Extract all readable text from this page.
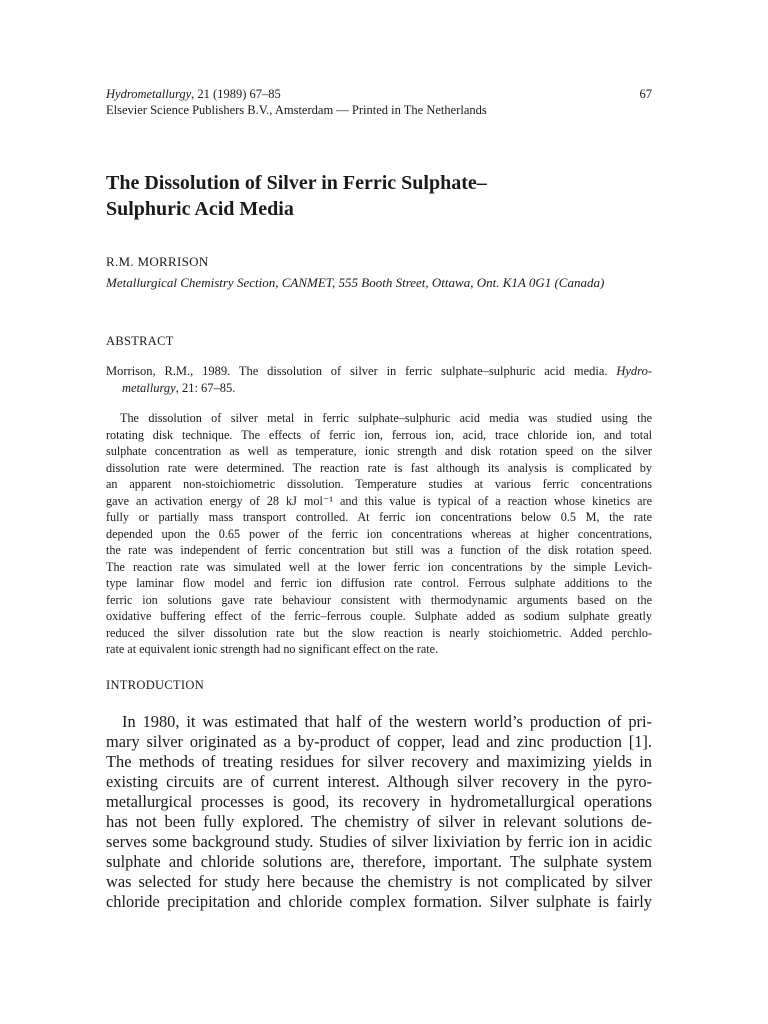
Hydrometallurgy, 21 (1989) 67–85
Elsevier Science Publishers B.V., Amsterdam — Printed in The Netherlands
67
The Dissolution of Silver in Ferric Sulphate–
Sulphuric Acid Media
R.M. MORRISON
Metallurgical Chemistry Section, CANMET, 555 Booth Street, Ottawa, Ont. K1A 0G1 (Canada)
ABSTRACT
Morrison, R.M., 1989. The dissolution of silver in ferric sulphate–sulphuric acid media. Hydro-
metallurgy, 21: 67–85.
The dissolution of silver metal in ferric sulphate–sulphuric acid media was studied using the
rotating disk technique. The effects of ferric ion, ferrous ion, acid, trace chloride ion, and total
sulphate concentration as well as temperature, ionic strength and disk rotation speed on the silver
dissolution rate were determined. The reaction rate is fast although its analysis is complicated by
an apparent non-stoichiometric dissolution. Temperature studies at various ferric concentrations
gave an activation energy of 28 kJ mol⁻¹ and this value is typical of a reaction whose kinetics are
fully or partially mass transport controlled. At ferric ion concentrations below 0.5 M, the rate
depended upon the 0.65 power of the ferric ion concentrations whereas at higher concentrations,
the rate was independent of ferric concentration but still was a function of the disk rotation speed.
The reaction rate was simulated well at the lower ferric ion concentrations by the simple Levich-
type laminar flow model and ferric ion diffusion rate control. Ferrous sulphate additions to the
ferric ion solutions gave rate behaviour consistent with thermodynamic arguments based on the
oxidative buffering effect of the ferric–ferrous couple. Sulphate added as sodium sulphate greatly
reduced the silver dissolution rate but the slow reaction is nearly stoichiometric. Added perchlo-
rate at equivalent ionic strength had no significant effect on the rate.
INTRODUCTION
In 1980, it was estimated that half of the western world’s production of pri-
mary silver originated as a by-product of copper, lead and zinc production [1].
The methods of treating residues for silver recovery and maximizing yields in
existing circuits are of current interest. Although silver recovery in the pyro-
metallurgical processes is good, its recovery in hydrometallurgical operations
has not been fully explored. The chemistry of silver in relevant solutions de-
serves some background study. Studies of silver lixiviation by ferric ion in acidic
sulphate and chloride solutions are, therefore, important. The sulphate system
was selected for study here because the chemistry is not complicated by silver
chloride precipitation and chloride complex formation. Silver sulphate is fairly
